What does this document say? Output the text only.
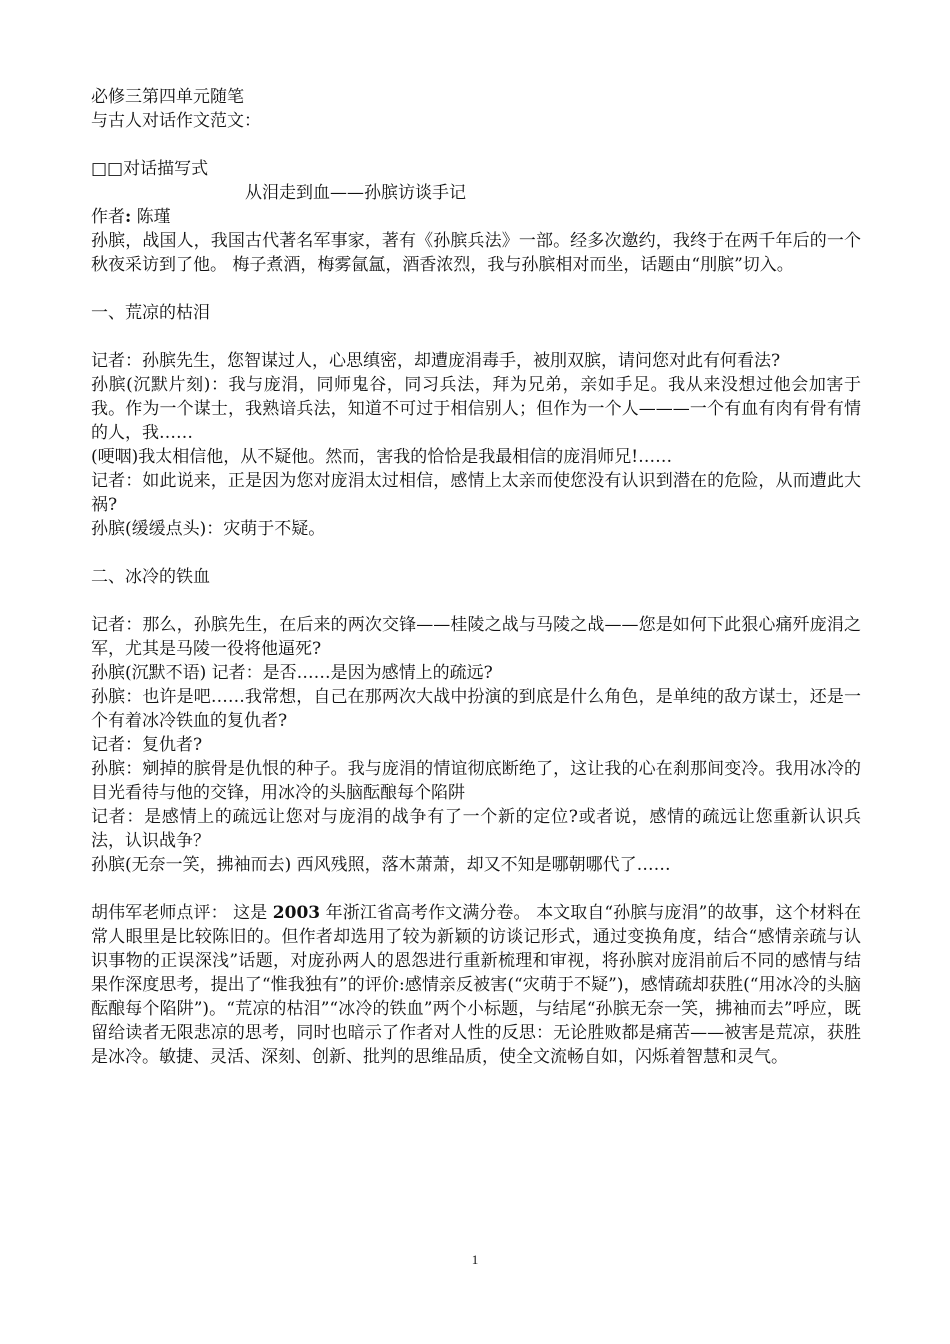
必修三第四单元随笔
与古人对话作文范文：
□□对话描写式
从泪走到血——孙膑访谈手记
作者: 陈瑾
孙膑，战国人，我国古代著名军事家，著有《孙膑兵法》一部。经多次邀约，我终于在两千年后的一个秋夜采访到了他。 梅子煮酒，梅雾氤氲，酒香浓烈，我与孙膑相对而坐，话题由“刖膑”切入。
一、荒凉的枯泪
记者：孙膑先生，您智谋过人，心思缜密，却遭庞涓毒手，被刖双膑，请问您对此有何看法?
孙膑(沉默片刻)：我与庞涓，同师鬼谷，同习兵法，拜为兄弟，亲如手足。我从来没想过他会加害于我。作为一个谋士，我熟谙兵法，知道不可过于相信别人；但作为一个人———一个有血有肉有骨有情的人，我……
(哽咽)我太相信他，从不疑他。然而，害我的恰恰是我最相信的庞涓师兄!……
记者：如此说来，正是因为您对庞涓太过相信，感情上太亲而使您没有认识到潜在的危险，从而遭此大祸?
孙膑(缓缓点头)：灾萌于不疑。
二、冰冷的铁血
记者：那么，孙膑先生，在后来的两次交锋——桂陵之战与马陵之战——您是如何下此狠心痛歼庞涓之军，尤其是马陵一役将他逼死?
孙膑(沉默不语) 记者：是否……是因为感情上的疏远?
孙膑：也许是吧……我常想，自己在那两次大战中扮演的到底是什么角色，是单纯的敌方谋士，还是一个有着冰冷铁血的复仇者?
记者：复仇者?
孙膑：剜掉的膑骨是仇恨的种子。我与庞涓的情谊彻底断绝了，这让我的心在刹那间变冷。我用冰冷的目光看待与他的交锋，用冰冷的头脑酝酿每个陷阱
记者：是感情上的疏远让您对与庞涓的战争有了一个新的定位?或者说，感情的疏远让您重新认识兵法，认识战争？
孙膑(无奈一笑，拂袖而去) 西风残照，落木萧萧，却又不知是哪朝哪代了……
胡伟军老师点评： 这是 2003 年浙江省高考作文满分卷。 本文取自“孙膑与庞涓”的故事，这个材料在常人眼里是比较陈旧的。但作者却选用了较为新颖的访谈记形式，通过变换角度，结合“感情亲疏与认识事物的正误深浅”话题，对庞孙两人的恩怨进行重新梳理和审视，将孙膑对庞涓前后不同的感情与结果作深度思考，提出了“惟我独有”的评价:感情亲反被害(“灾萌于不疑”)，感情疏却获胜(“用冰冷的头脑酝酿每个陷阱”)。“荒凉的枯泪”“冰冷的铁血”两个小标题，与结尾“孙膑无奈一笑，拂袖而去”呼应，既留给读者无限悲凉的思考，同时也暗示了作者对人性的反思：无论胜败都是痛苦——被害是荒凉，获胜是冰冷。敏捷、灵活、深刻、创新、批判的思维品质，使全文流畅自如，闪烁着智慧和灵气。
1
